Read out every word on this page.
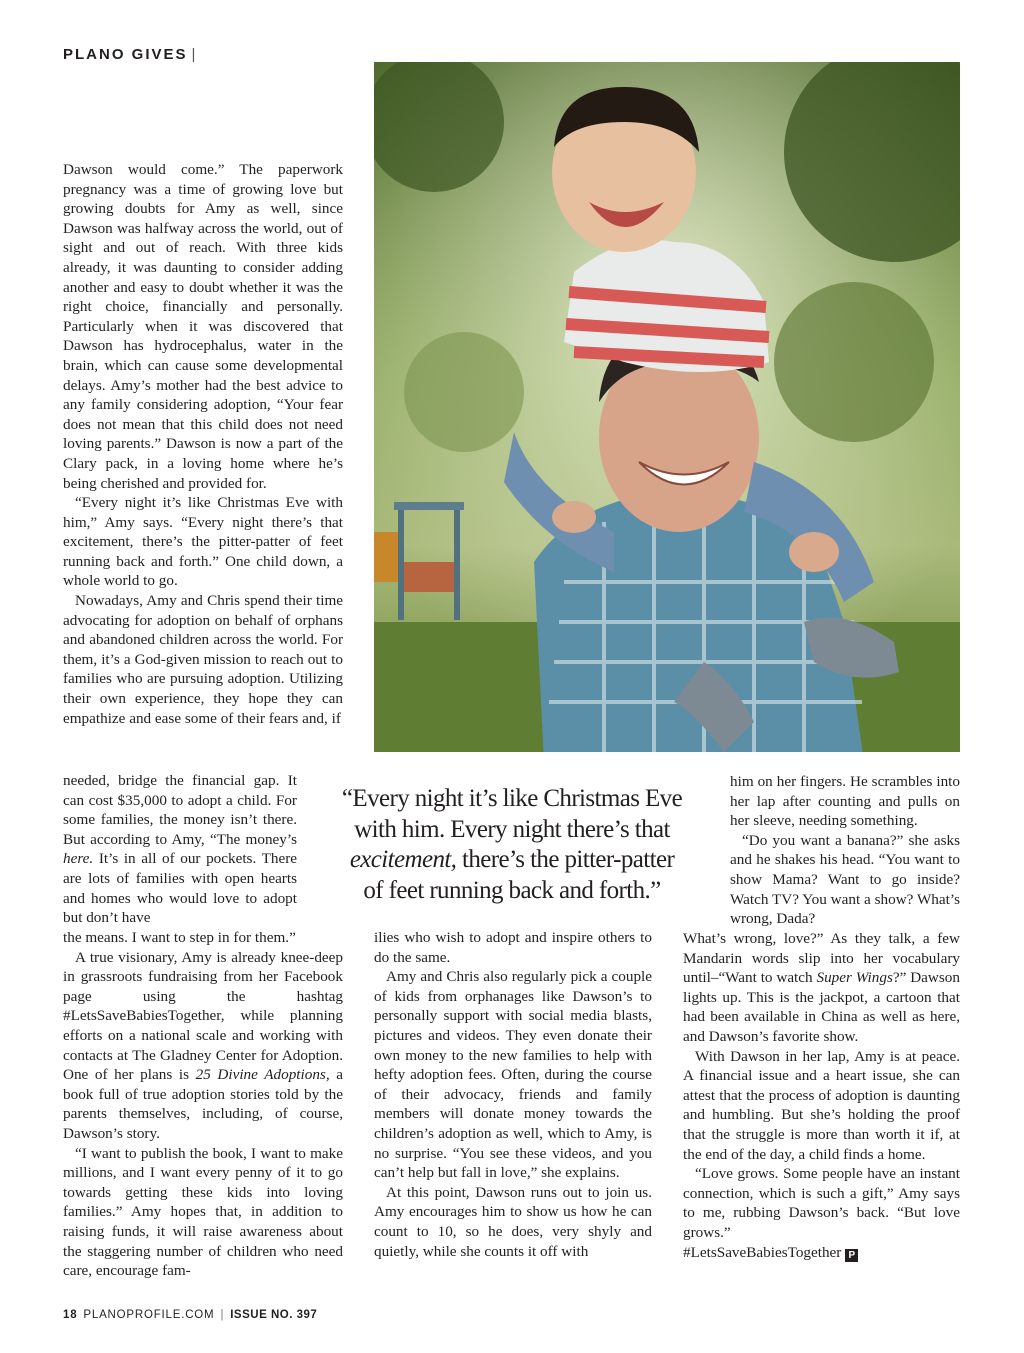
PLANO GIVES |

Dawson would come.” The paperwork pregnancy was a time of growing love but growing doubts for Amy as well, since Dawson was halfway across the world, out of sight and out of reach. With three kids already, it was daunting to consider adding another and easy to doubt whether it was the right choice, financially and personally. Particularly when it was discovered that Dawson has hydrocephalus, water in the brain, which can cause some developmental delays. Amy’s mother had the best advice to any family considering adoption, “Your fear does not mean that this child does not need loving parents.” Dawson is now a part of the Clary pack, in a loving home where he’s being cherished and provided for.

“Every night it’s like Christmas Eve with him,” Amy says. “Every night there’s that excitement, there’s the pitter-patter of feet running back and forth.” One child down, a whole world to go.

Nowadays, Amy and Chris spend their time advocating for adoption on behalf of orphans and abandoned children across the world. For them, it’s a God-given mission to reach out to families who are pursuing adoption. Utilizing their own experience, they hope they can empathize and ease some of their fears and, if

needed, bridge the financial gap. It can cost $35,000 to adopt a child. For some families, the money isn’t there. But according to Amy, “The money’s here. It’s in all of our pockets. There are lots of families with open hearts and homes who would love to adopt but don’t have

the means. I want to step in for them.”

A true visionary, Amy is already knee-deep in grassroots fundraising from her Facebook page using the hashtag #LetsSaveBabiesTogether, while planning efforts on a national scale and working with contacts at The Gladney Center for Adoption. One of her plans is 25 Divine Adoptions, a book full of true adoption stories told by the parents themselves, including, of course, Dawson’s story.

“I want to publish the book, I want to make millions, and I want every penny of it to go towards getting these kids into loving families.” Amy hopes that, in addition to raising funds, it will raise awareness about the staggering number of children who need care, encourage fam-

“Every night it’s like Christmas Eve
with him. Every night there’s that
excitement, there’s the pitter-patter
of feet running back and forth.”

ilies who wish to adopt and inspire others to do the same.

Amy and Chris also regularly pick a couple of kids from orphanages like Dawson’s to personally support with social media blasts, pictures and videos. They even donate their own money to the new families to help with hefty adoption fees. Often, during the course of their advocacy, friends and family members will donate money towards the children’s adoption as well, which to Amy, is no surprise. “You see these videos, and you can’t help but fall in love,” she explains.

At this point, Dawson runs out to join us. Amy encourages him to show us how he can count to 10, so he does, very shyly and quietly, while she counts it off with

him on her fingers. He scrambles into her lap after counting and pulls on her sleeve, needing something.

“Do you want a banana?” she asks and he shakes his head. “You want to show Mama? Want to go inside? Watch TV? You want a show? What’s wrong, Dada?

What’s wrong, love?” As they talk, a few Mandarin words slip into her vocabulary until–“Want to watch Super Wings?” Dawson lights up. This is the jackpot, a cartoon that had been available in China as well as here, and Dawson’s favorite show.

With Dawson in her lap, Amy is at peace. A financial issue and a heart issue, she can attest that the process of adoption is daunting and humbling. But she’s holding the proof that the struggle is more than worth it if, at the end of the day, a child finds a home.

“Love grows. Some people have an instant connection, which is such a gift,” Amy says to me, rubbing Dawson’s back. “But love grows.”

#LetsSaveBabiesTogether P

18 PLANOPROFILE.COM | ISSUE NO. 397
